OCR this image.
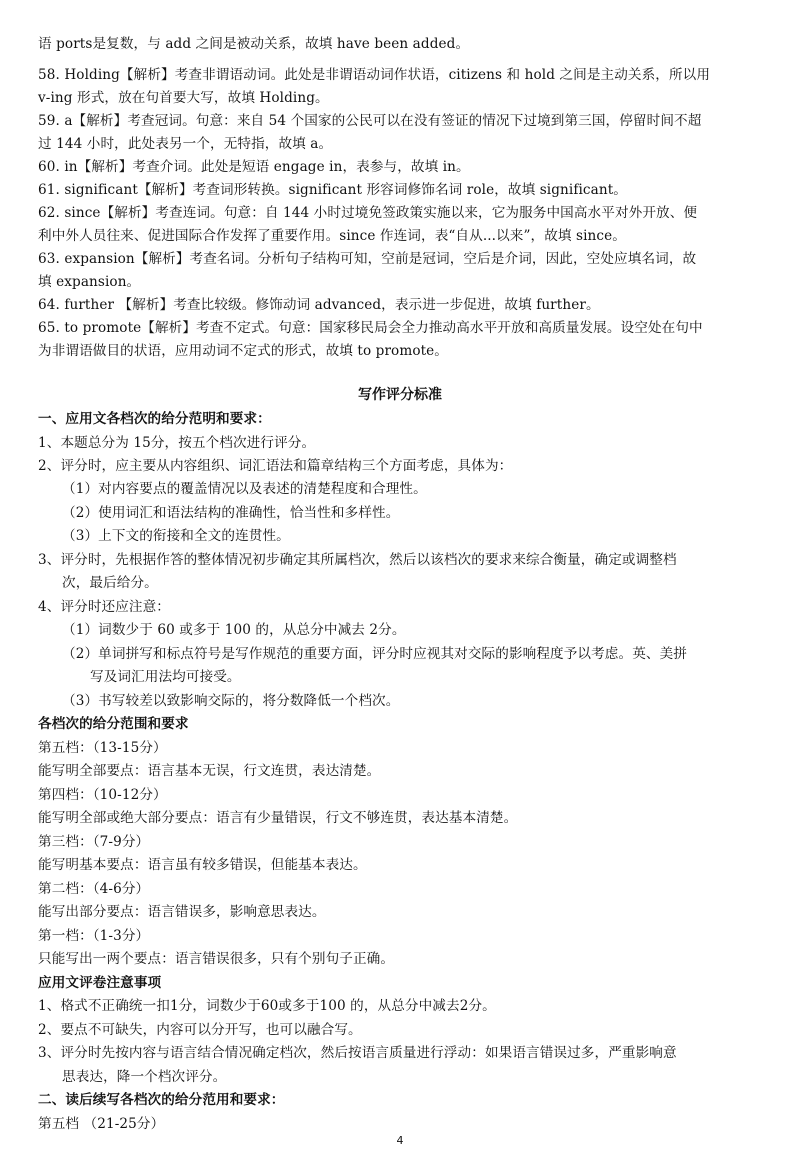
语 ports是复数，与 add 之间是被动关系，故填 have been added。
58. Holding【解析】考查非谓语动词。此处是非谓语动词作状语，citizens 和 hold 之间是主动关系，所以用
v-ing 形式，放在句首要大写，故填 Holding。
59. a【解析】考查冠词。句意：来自 54 个国家的公民可以在没有签证的情况下过境到第三国，停留时间不超
过 144 小时，此处表另一个，无特指，故填 a。
60. in【解析】考查介词。此处是短语 engage in，表参与，故填 in。
61. significant【解析】考查词形转换。significant 形容词修饰名词 role，故填 significant。
62. since【解析】考查连词。句意：自 144 小时过境免签政策实施以来，它为服务中国高水平对外开放、便
利中外人员往来、促进国际合作发挥了重要作用。since 作连词，表“自从...以来”，故填 since。
63. expansion【解析】考查名词。分析句子结构可知，空前是冠词，空后是介词，因此，空处应填名词，故
填 expansion。
64. further 【解析】考查比较级。修饰动词 advanced，表示进一步促进，故填 further。
65. to promote【解析】考查不定式。句意：国家移民局会全力推动高水平开放和高质量发展。设空处在句中
为非谓语做目的状语，应用动词不定式的形式，故填 to promote。
写作评分标准
一、应用文各档次的给分范明和要求：
1、本题总分为 15分，按五个档次进行评分。
2、评分时，应主要从内容组织、词汇语法和篇章结构三个方面考虑，具体为：
（1）对内容要点的覆盖情况以及表述的清楚程度和合理性。
（2）使用词汇和语法结构的准确性，恰当性和多样性。
（3）上下文的衔接和全文的连贯性。
3、评分时，先根据作答的整体情况初步确定其所属档次，然后以该档次的要求来综合衡量，确定或调整档
次，最后给分。
4、评分时还应注意：
（1）词数少于 60 或多于 100 的，从总分中减去 2分。
（2）单词拼写和标点符号是写作规范的重要方面，评分时应视其对交际的影响程度予以考虑。英、美拼
写及词汇用法均可接受。
（3）书写较差以致影响交际的，将分数降低一个档次。
各档次的给分范围和要求
第五档：（13-15分）
能写明全部要点：语言基本无误，行文连贯，表达清楚。
第四档：（10-12分）
能写明全部或绝大部分要点：语言有少量错误，行文不够连贯，表达基本清楚。
第三档：（7-9分）
能写明基本要点：语言虽有较多错误，但能基本表达。
第二档：（4-6分）
能写出部分要点：语言错误多，影响意思表达。
第一档：（1-3分）
只能写出一两个要点：语言错误很多，只有个别句子正确。
应用文评卷注意事项
1、格式不正确统一扣1分，词数少于60或多于100 的，从总分中减去2分。
2、要点不可缺失，内容可以分开写，也可以融合写。
3、评分时先按内容与语言结合情况确定档次，然后按语言质量进行浮动：如果语言错误过多，严重影响意
思表达，降一个档次评分。
二、读后续写各档次的给分范用和要求：
第五档 （21-25分）
4
